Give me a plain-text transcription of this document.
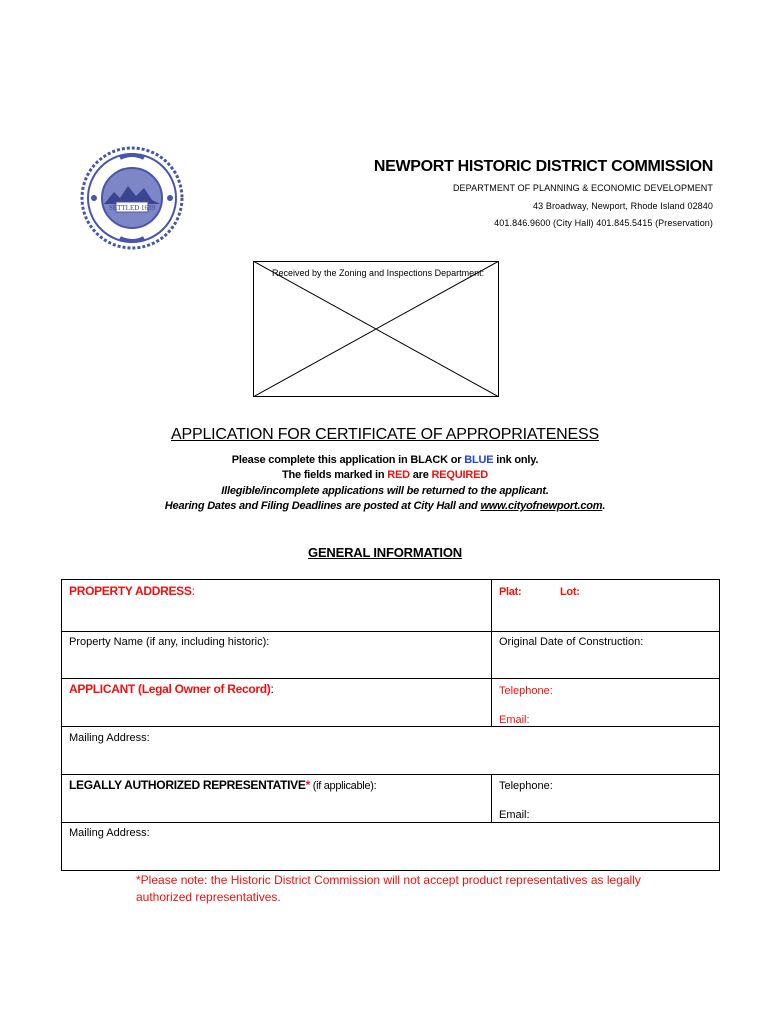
SETTLED 1639
NEWPORT HISTORIC DISTRICT COMMISSION
DEPARTMENT OF PLANNING & ECONOMIC DEVELOPMENT
43 Broadway, Newport, Rhode Island 02840
401.846.9600 (City Hall) 401.845.5415 (Preservation)
Received by the Zoning and Inspections Department:
APPLICATION FOR CERTIFICATE OF APPROPRIATENESS
Please complete this application in BLACK or BLUE ink only.
The fields marked in RED are REQUIRED
Illegible/incomplete applications will be returned to the applicant.
Hearing Dates and Filing Deadlines are posted at City Hall and www.cityofnewport.com.
GENERAL INFORMATION
PROPERTY ADDRESS:	Plat:	Lot:
Property Name (if any, including historic):	Original Date of Construction:
APPLICANT (Legal Owner of Record):	Telephone:
Email:
Mailing Address:
LEGALLY AUTHORIZED REPRESENTATIVE* (if applicable):	Telephone:
Email:
Mailing Address:
*Please note: the Historic District Commission will not accept product representatives as legally authorized representatives.
